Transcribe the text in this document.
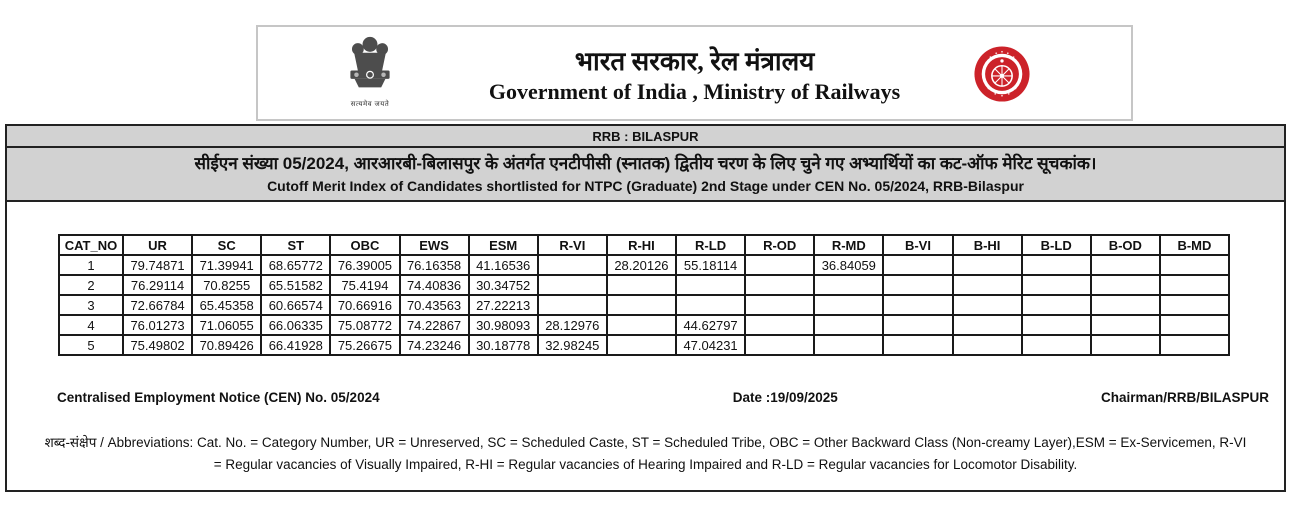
सत्यमेव जयते
भारत सरकार, रेल मंत्रालय
Government of India , Ministry of Railways
RRB : BILASPUR
सीईएन संख्या 05/2024, आरआरबी-बिलासपुर के अंतर्गत एनटीपीसी (स्नातक) द्वितीय चरण के लिए चुने गए अभ्यार्थियों का कट-ऑफ मेरिट सूचकांक।
Cutoff Merit Index of Candidates shortlisted for NTPC (Graduate) 2nd Stage under CEN No. 05/2024, RRB-Bilaspur
CAT_NO	UR	SC	ST	OBC	EWS	ESM	R-VI	R-HI	R-LD	R-OD	R-MD	B-VI	B-HI	B-LD	B-OD	B-MD
1	79.74871	71.39941	68.65772	76.39005	76.16358	41.16536		28.20126	55.18114		36.84059					
2	76.29114	70.8255	65.51582	75.4194	74.40836	30.34752										
3	72.66784	65.45358	60.66574	70.66916	70.43563	27.22213										
4	76.01273	71.06055	66.06335	75.08772	74.22867	30.98093	28.12976		44.62797							
5	75.49802	70.89426	66.41928	75.26675	74.23246	30.18778	32.98245		47.04231							
Centralised Employment Notice (CEN) No. 05/2024	Date :19/09/2025	Chairman/RRB/BILASPUR
शब्द-संक्षेप / Abbreviations: Cat. No. = Category Number, UR = Unreserved, SC = Scheduled Caste, ST = Scheduled Tribe, OBC = Other Backward Class (Non-creamy Layer),ESM = Ex-Servicemen, R-VI
= Regular vacancies of Visually Impaired, R-HI = Regular vacancies of Hearing Impaired and R-LD = Regular vacancies for Locomotor Disability.
